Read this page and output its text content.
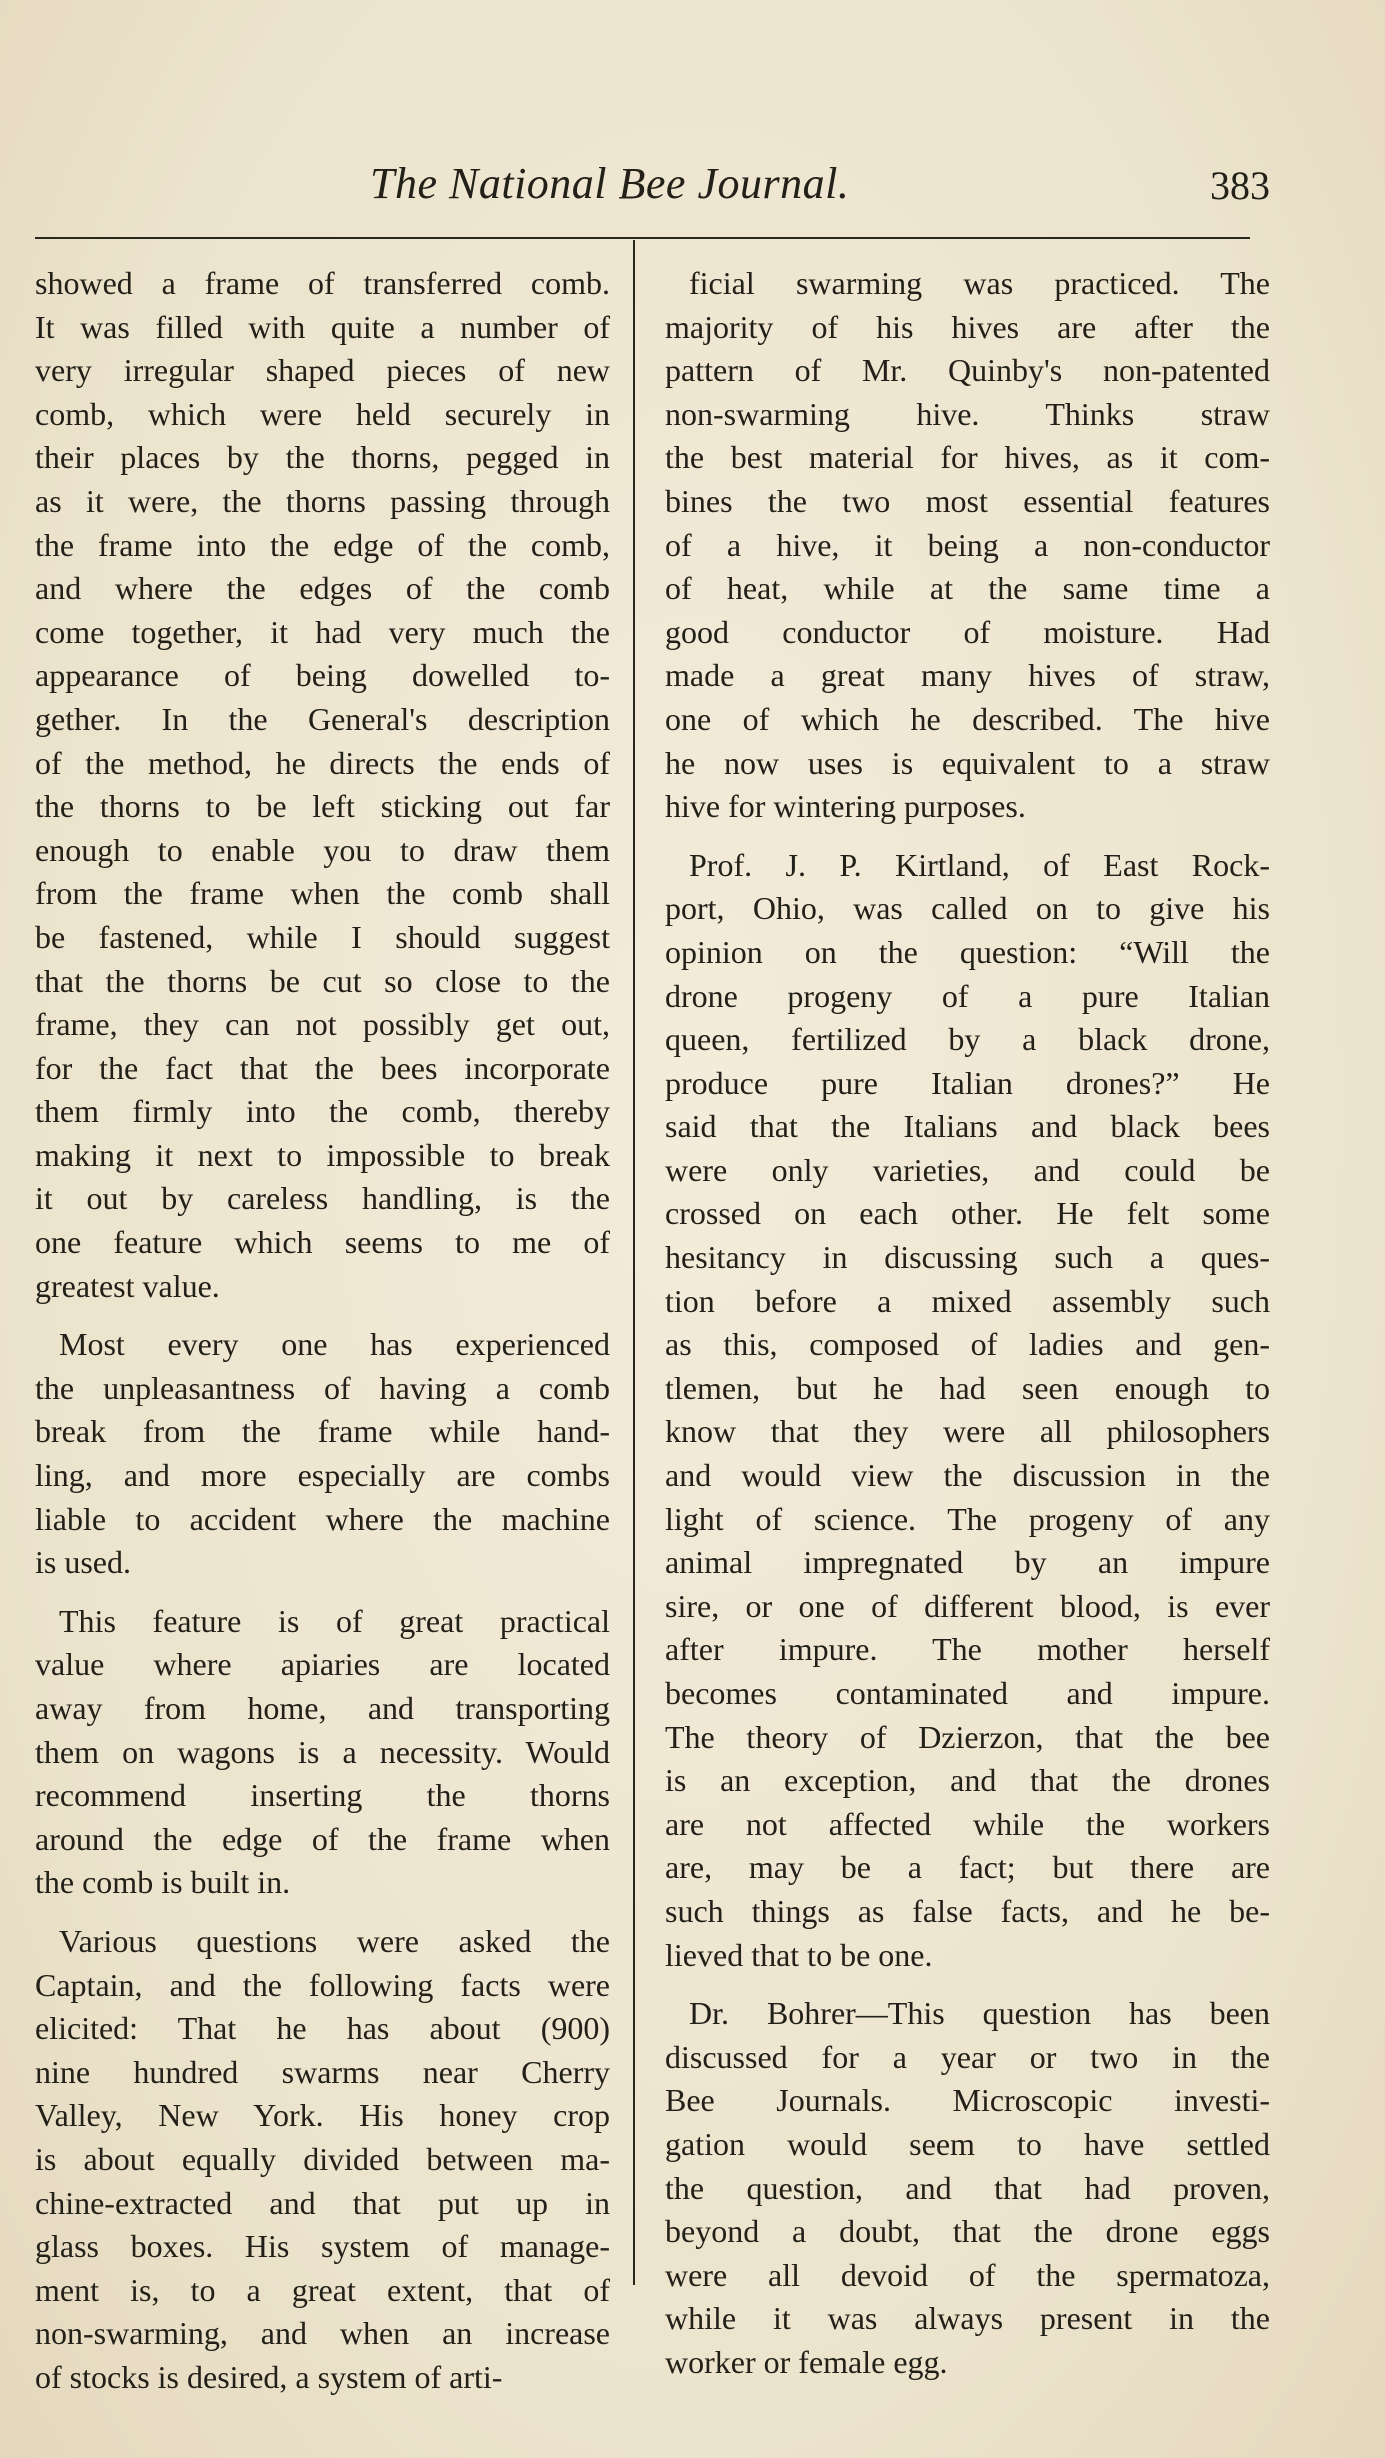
The National Bee Journal.	383
showed a frame of transferred comb.
It was filled with quite a number of
very irregular shaped pieces of new
comb, which were held securely in
their places by the thorns, pegged in
as it were, the thorns passing through
the frame into the edge of the comb,
and where the edges of the comb
come together, it had very much the
appearance of being dowelled to-
gether. In the General's description
of the method, he directs the ends of
the thorns to be left sticking out far
enough to enable you to draw them
from the frame when the comb shall
be fastened, while I should suggest
that the thorns be cut so close to the
frame, they can not possibly get out,
for the fact that the bees incorporate
them firmly into the comb, thereby
making it next to impossible to break
it out by careless handling, is the
one feature which seems to me of
greatest value.
Most every one has experienced
the unpleasantness of having a comb
break from the frame while hand-
ling, and more especially are combs
liable to accident where the machine
is used.
This feature is of great practical
value where apiaries are located
away from home, and transporting
them on wagons is a necessity. Would
recommend inserting the thorns
around the edge of the frame when
the comb is built in.
Various questions were asked the
Captain, and the following facts were
elicited: That he has about (900)
nine hundred swarms near Cherry
Valley, New York. His honey crop
is about equally divided between ma-
chine-extracted and that put up in
glass boxes. His system of manage-
ment is, to a great extent, that of
non-swarming, and when an increase
of stocks is desired, a system of arti-
ficial swarming was practiced. The
majority of his hives are after the
pattern of Mr. Quinby's non-patented
non-swarming hive. Thinks straw
the best material for hives, as it com-
bines the two most essential features
of a hive, it being a non-conductor
of heat, while at the same time a
good conductor of moisture. Had
made a great many hives of straw,
one of which he described. The hive
he now uses is equivalent to a straw
hive for wintering purposes.
Prof. J. P. Kirtland, of East Rock-
port, Ohio, was called on to give his
opinion on the question: “Will the
drone progeny of a pure Italian
queen, fertilized by a black drone,
produce pure Italian drones?” He
said that the Italians and black bees
were only varieties, and could be
crossed on each other. He felt some
hesitancy in discussing such a ques-
tion before a mixed assembly such
as this, composed of ladies and gen-
tlemen, but he had seen enough to
know that they were all philosophers
and would view the discussion in the
light of science. The progeny of any
animal impregnated by an impure
sire, or one of different blood, is ever
after impure. The mother herself
becomes contaminated and impure.
The theory of Dzierzon, that the bee
is an exception, and that the drones
are not affected while the workers
are, may be a fact; but there are
such things as false facts, and he be-
lieved that to be one.
Dr. Bohrer—This question has been
discussed for a year or two in the
Bee Journals. Microscopic investi-
gation would seem to have settled
the question, and that had proven,
beyond a doubt, that the drone eggs
were all devoid of the spermatoza,
while it was always present in the
worker or female egg.
